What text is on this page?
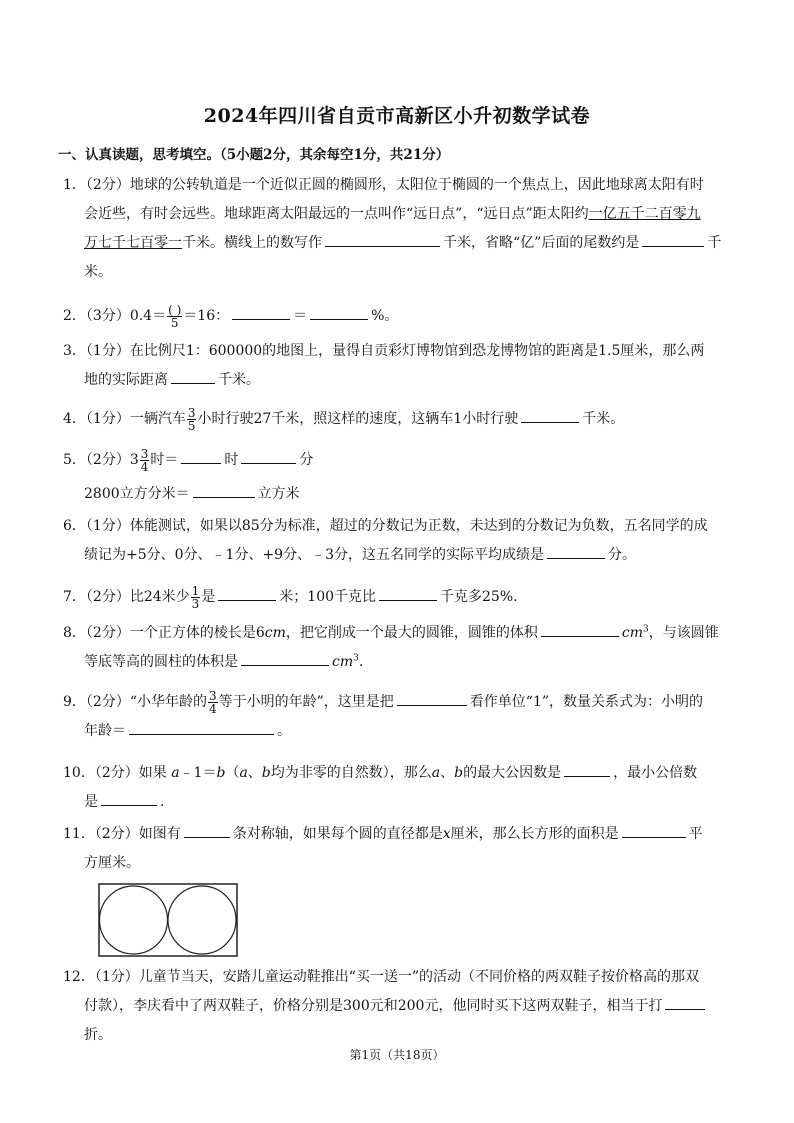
2024年四川省自贡市高新区小升初数学试卷
一、认真读题，思考填空。（5小题2分，其余每空1分，共21分）
1．（2分）地球的公转轨道是一个近似正圆的椭圆形，太阳位于椭圆的一个焦点上，因此地球离太阳有时
会近些，有时会远些。地球距离太阳最远的一点叫作“远日点”，“远日点”距太阳约一亿五千二百零九
万七千七百零一千米。横线上的数写作	千米，省略“亿”后面的尾数约是	千
米。
2．（3分）$0.4= \frac{( )}{5} =16$：	＝	%。
3．（1分）在比例尺1：600000的地图上，量得自贡彩灯博物馆到恐龙博物馆的距离是1.5厘米，那么两
地的实际距离	千米。
4．（1分）一辆汽车 $\frac{3}{5}$ 小时行驶27千米，照这样的速度，这辆车1小时行驶	千米。
5．（2分）$3 \frac{3}{4}$ 时＝	时	分
2800立方分米＝	立方米
6．（1分）体能测试，如果以85分为标准，超过的分数记为正数，未达到的分数记为负数，五名同学的成
绩记为+5分、0分、﹣1分、+9分、﹣3分，这五名同学的实际平均成绩是	分。
7．（2分）比24米少 $\frac{1}{3}$ 是	米；100千克比	千克多25%.
8．（2分）一个正方体的棱长是6cm，把它削成一个最大的圆锥，圆锥的体积	$cm^3$，与该圆锥
等底等高的圆柱的体积是	$cm^3$.
9．（2分）“小华年龄的 $\frac{3}{4}$ 等于小明的年龄”，这里是把	看作单位“1”，数量关系式为：小明的
年龄＝	。
10．（2分）如果 a﹣1＝b（a、b均为非零的自然数），那么a、b的最大公因数是	，最小公倍数
是	.
11．（2分）如图有	条对称轴，如果每个圆的直径都是x厘米，那么长方形的面积是	平
方厘米。
12．（1分）儿童节当天，安踏儿童运动鞋推出“买一送一”的活动（不同价格的两双鞋子按价格高的那双
付款），李庆看中了两双鞋子，价格分别是300元和200元，他同时买下这两双鞋子，相当于打折。
第1页（共18页）
